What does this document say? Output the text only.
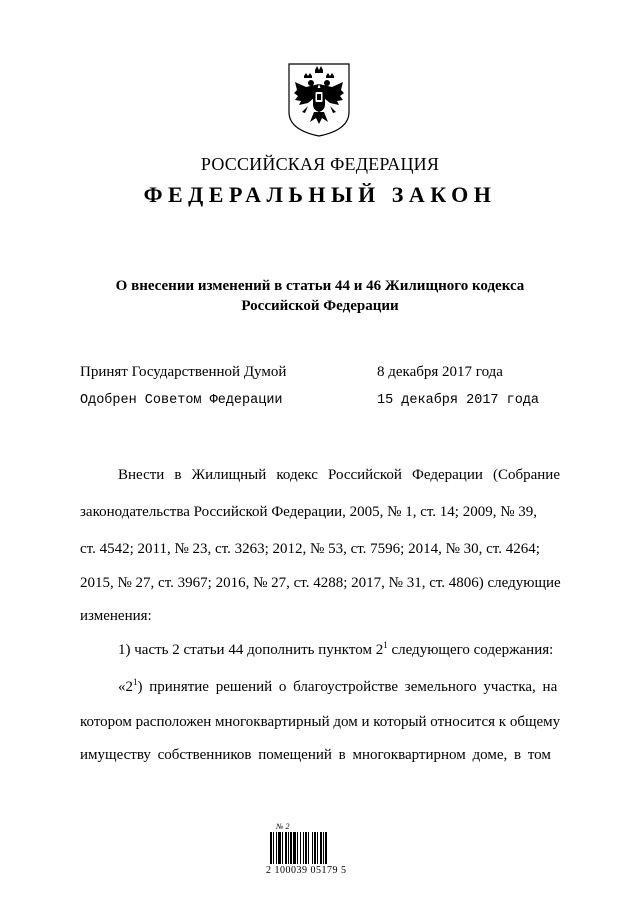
РОССИЙСКАЯ ФЕДЕРАЦИЯ
ФЕДЕРАЛЬНЫЙ ЗАКОН
О внесении изменений в статьи 44 и 46 Жилищного кодекса
Российской Федерации
Принят Государственной Думой	8 декабря 2017 года
Одобрен Советом Федерации	15 декабря 2017 года
Внести в Жилищный кодекс Российской Федерации (Собрание
законодательства Российской Федерации, 2005, № 1, ст. 14; 2009, № 39,
ст. 4542; 2011, № 23, ст. 3263; 2012, № 53, ст. 7596; 2014, № 30, ст. 4264;
2015, № 27, ст. 3967; 2016, № 27, ст. 4288; 2017, № 31, ст. 4806) следующие
изменения:
1) часть 2 статьи 44 дополнить пунктом $2^1$ следующего содержания:
«$2^1$) принятие решений о благоустройстве земельного участка, на
котором расположен многоквартирный дом и который относится к общему
имуществу собственников помещений в многоквартирном доме, в том
№ 2
2 100039 05179 5
